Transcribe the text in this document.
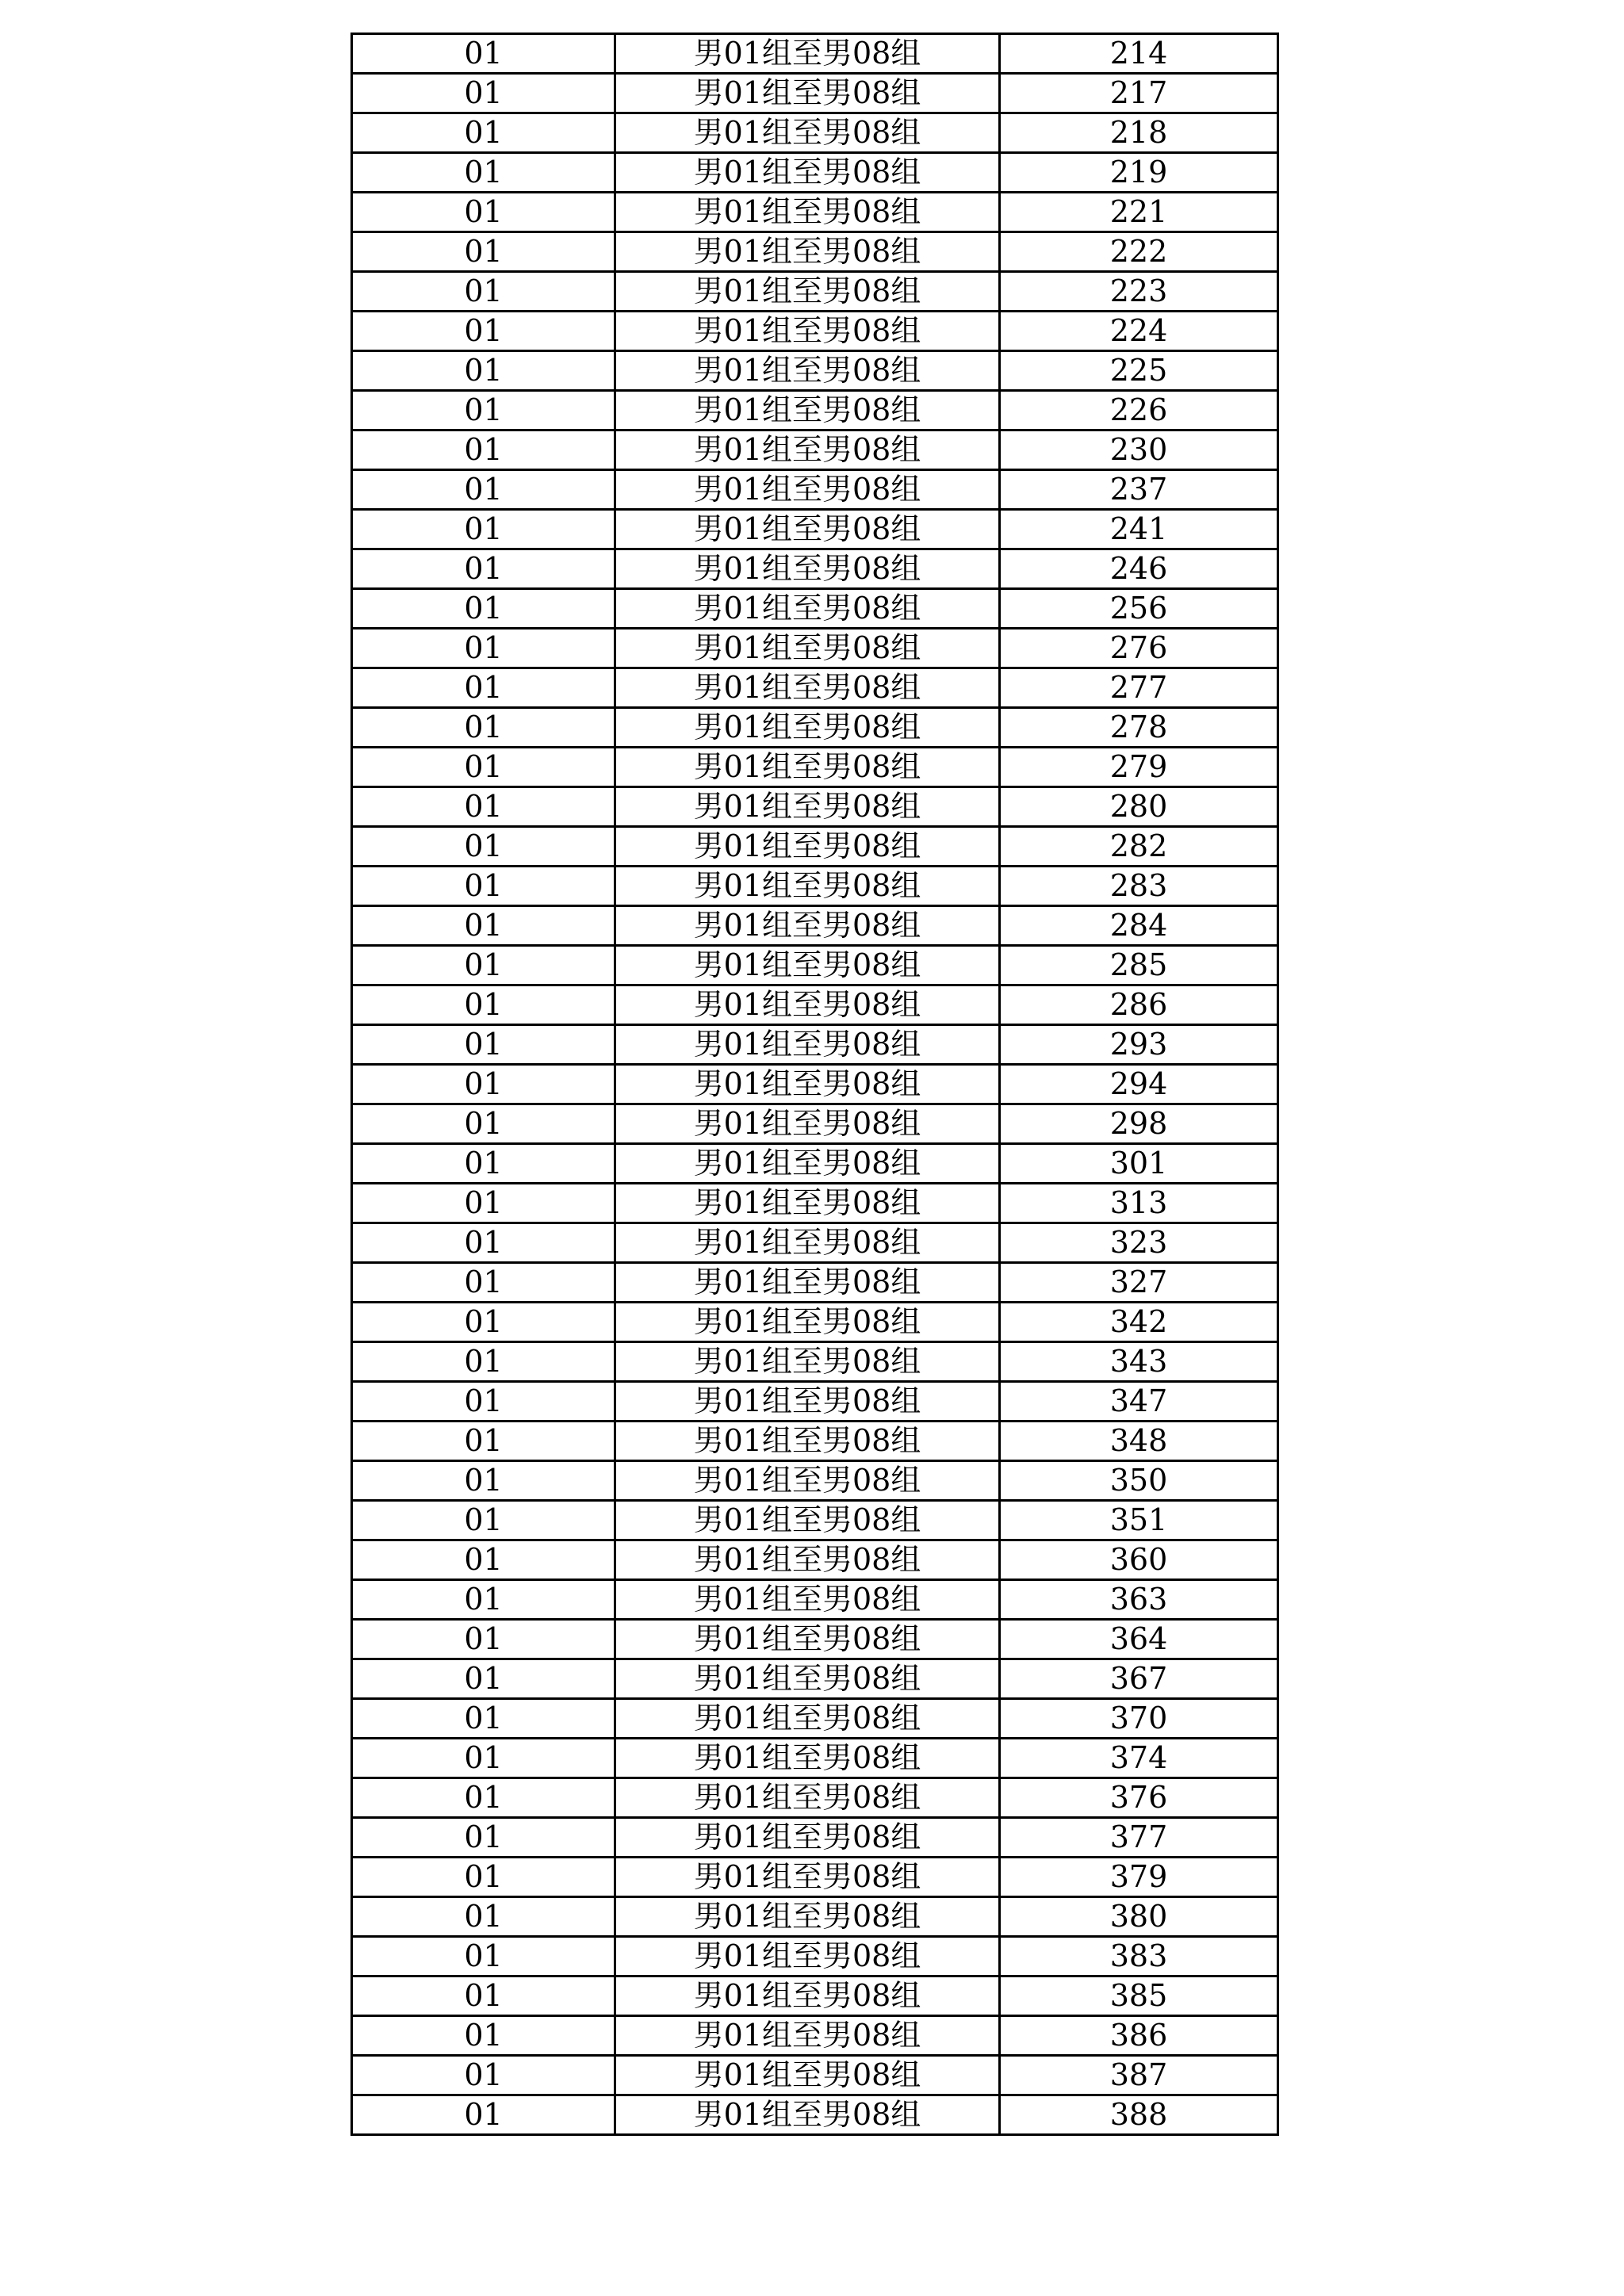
01	男01组至男08组	214
01	男01组至男08组	217
01	男01组至男08组	218
01	男01组至男08组	219
01	男01组至男08组	221
01	男01组至男08组	222
01	男01组至男08组	223
01	男01组至男08组	224
01	男01组至男08组	225
01	男01组至男08组	226
01	男01组至男08组	230
01	男01组至男08组	237
01	男01组至男08组	241
01	男01组至男08组	246
01	男01组至男08组	256
01	男01组至男08组	276
01	男01组至男08组	277
01	男01组至男08组	278
01	男01组至男08组	279
01	男01组至男08组	280
01	男01组至男08组	282
01	男01组至男08组	283
01	男01组至男08组	284
01	男01组至男08组	285
01	男01组至男08组	286
01	男01组至男08组	293
01	男01组至男08组	294
01	男01组至男08组	298
01	男01组至男08组	301
01	男01组至男08组	313
01	男01组至男08组	323
01	男01组至男08组	327
01	男01组至男08组	342
01	男01组至男08组	343
01	男01组至男08组	347
01	男01组至男08组	348
01	男01组至男08组	350
01	男01组至男08组	351
01	男01组至男08组	360
01	男01组至男08组	363
01	男01组至男08组	364
01	男01组至男08组	367
01	男01组至男08组	370
01	男01组至男08组	374
01	男01组至男08组	376
01	男01组至男08组	377
01	男01组至男08组	379
01	男01组至男08组	380
01	男01组至男08组	383
01	男01组至男08组	385
01	男01组至男08组	386
01	男01组至男08组	387
01	男01组至男08组	388
